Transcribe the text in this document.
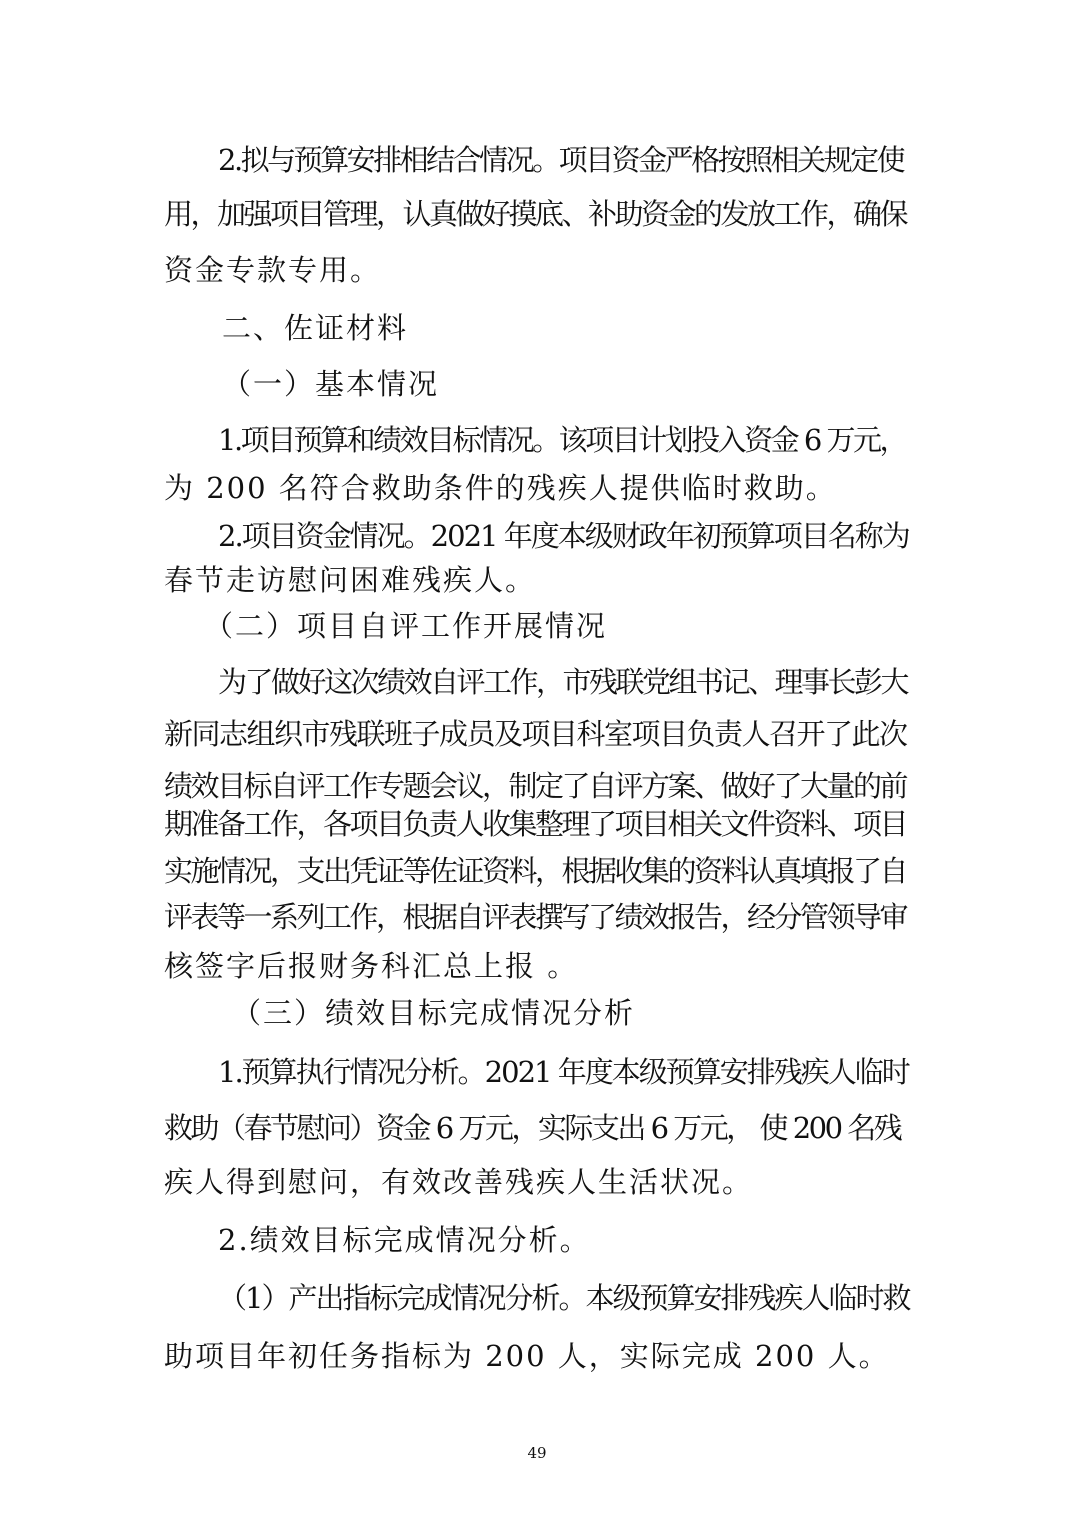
2.拟与预算安排相结合情况。项目资金严格按照相关规定使
用，加强项目管理，认真做好摸底、补助资金的发放工作，确保
资金专款专用。
二、佐证材料
（一）基本情况
1.项目预算和绩效目标情况。该项目计划投入资金 6 万元，
为 200 名符合救助条件的残疾人提供临时救助。
2.项目资金情况。2021 年度本级财政年初预算项目名称为
春节走访慰问困难残疾人。
（二）项目自评工作开展情况
为了做好这次绩效自评工作，市残联党组书记、理事长彭大
新同志组织市残联班子成员及项目科室项目负责人召开了此次
绩效目标自评工作专题会议，制定了自评方案、做好了大量的前
期准备工作，各项目负责人收集整理了项目相关文件资料、项目
实施情况，支出凭证等佐证资料，根据收集的资料认真填报了自
评表等一系列工作，根据自评表撰写了绩效报告，经分管领导审
核签字后报财务科汇总上报 。
（三）绩效目标完成情况分析
1.预算执行情况分析。2021 年度本级预算安排残疾人临时
救助（春节慰问）资金 6 万元，实际支出 6 万元， 使 200 名残
疾人得到慰问，有效改善残疾人生活状况。
2.绩效目标完成情况分析。
（1）产出指标完成情况分析。本级预算安排残疾人临时救
助项目年初任务指标为 200 人，实际完成 200 人。
49
